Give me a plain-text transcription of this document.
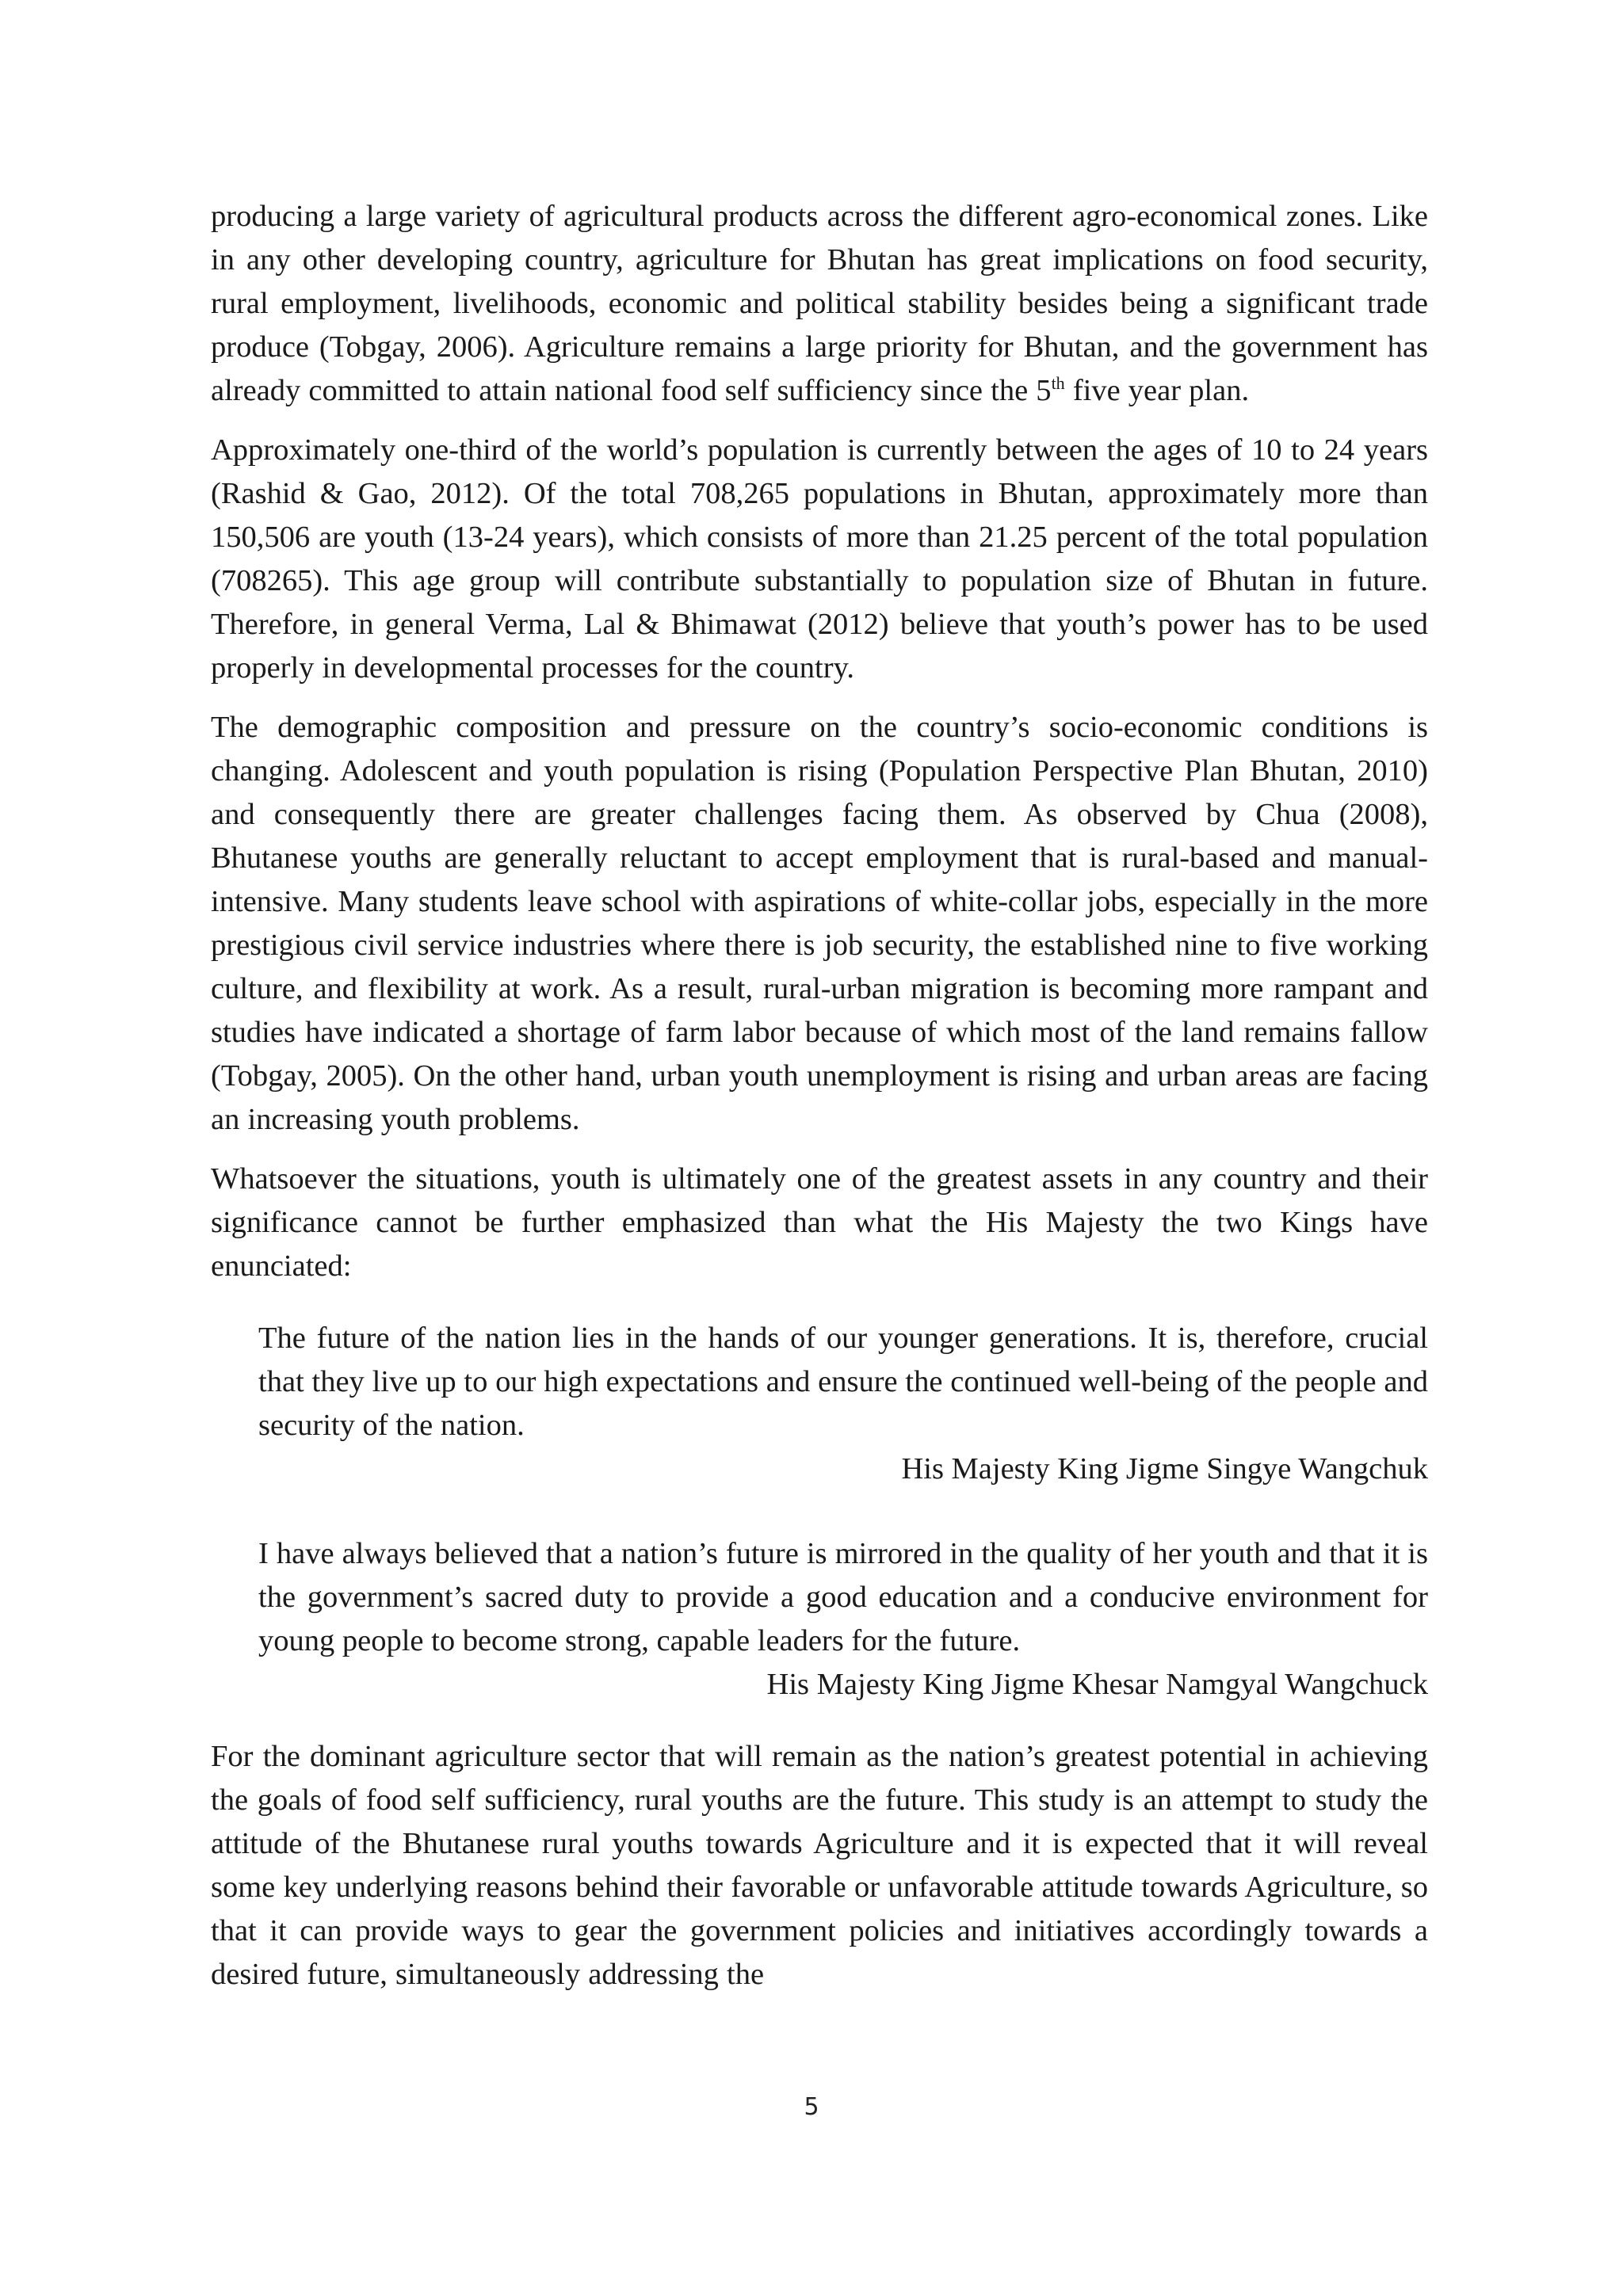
producing a large variety of agricultural products across the different agro-economical zones. Like in any other developing country, agriculture for Bhutan has great implications on food security, rural employment, livelihoods, economic and political stability besides being a significant trade produce (Tobgay, 2006). Agriculture remains a large priority for Bhutan, and the government has already committed to attain national food self sufficiency since the 5th five year plan.

Approximately one-third of the world’s population is currently between the ages of 10 to 24 years (Rashid & Gao, 2012). Of the total 708,265 populations in Bhutan, approximately more than 150,506 are youth (13-24 years), which consists of more than 21.25 percent of the total population (708265). This age group will contribute substantially to population size of Bhutan in future. Therefore, in general Verma, Lal & Bhimawat (2012) believe that youth’s power has to be used properly in developmental processes for the country.

The demographic composition and pressure on the country’s socio-economic conditions is changing. Adolescent and youth population is rising (Population Perspective Plan Bhutan, 2010) and consequently there are greater challenges facing them. As observed by Chua (2008), Bhutanese youths are generally reluctant to accept employment that is rural-based and manual-intensive. Many students leave school with aspirations of white-collar jobs, especially in the more prestigious civil service industries where there is job security, the established nine to five working culture, and flexibility at work. As a result, rural-urban migration is becoming more rampant and studies have indicated a shortage of farm labor because of which most of the land remains fallow (Tobgay, 2005). On the other hand, urban youth unemployment is rising and urban areas are facing an increasing youth problems.

Whatsoever the situations, youth is ultimately one of the greatest assets in any country and their significance cannot be further emphasized than what the His Majesty the two Kings have enunciated:

The future of the nation lies in the hands of our younger generations. It is, therefore, crucial that they live up to our high expectations and ensure the continued well-being of the people and security of the nation.

His Majesty King Jigme Singye Wangchuk

I have always believed that a nation’s future is mirrored in the quality of her youth and that it is the government’s sacred duty to provide a good education and a conducive environment for young people to become strong, capable leaders for the future.

His Majesty King Jigme Khesar Namgyal Wangchuck

For the dominant agriculture sector that will remain as the nation’s greatest potential in achieving the goals of food self sufficiency, rural youths are the future. This study is an attempt to study the attitude of the Bhutanese rural youths towards Agriculture and it is expected that it will reveal some key underlying reasons behind their favorable or unfavorable attitude towards Agriculture, so that it can provide ways to gear the government policies and initiatives accordingly towards a desired future, simultaneously addressing the

5
